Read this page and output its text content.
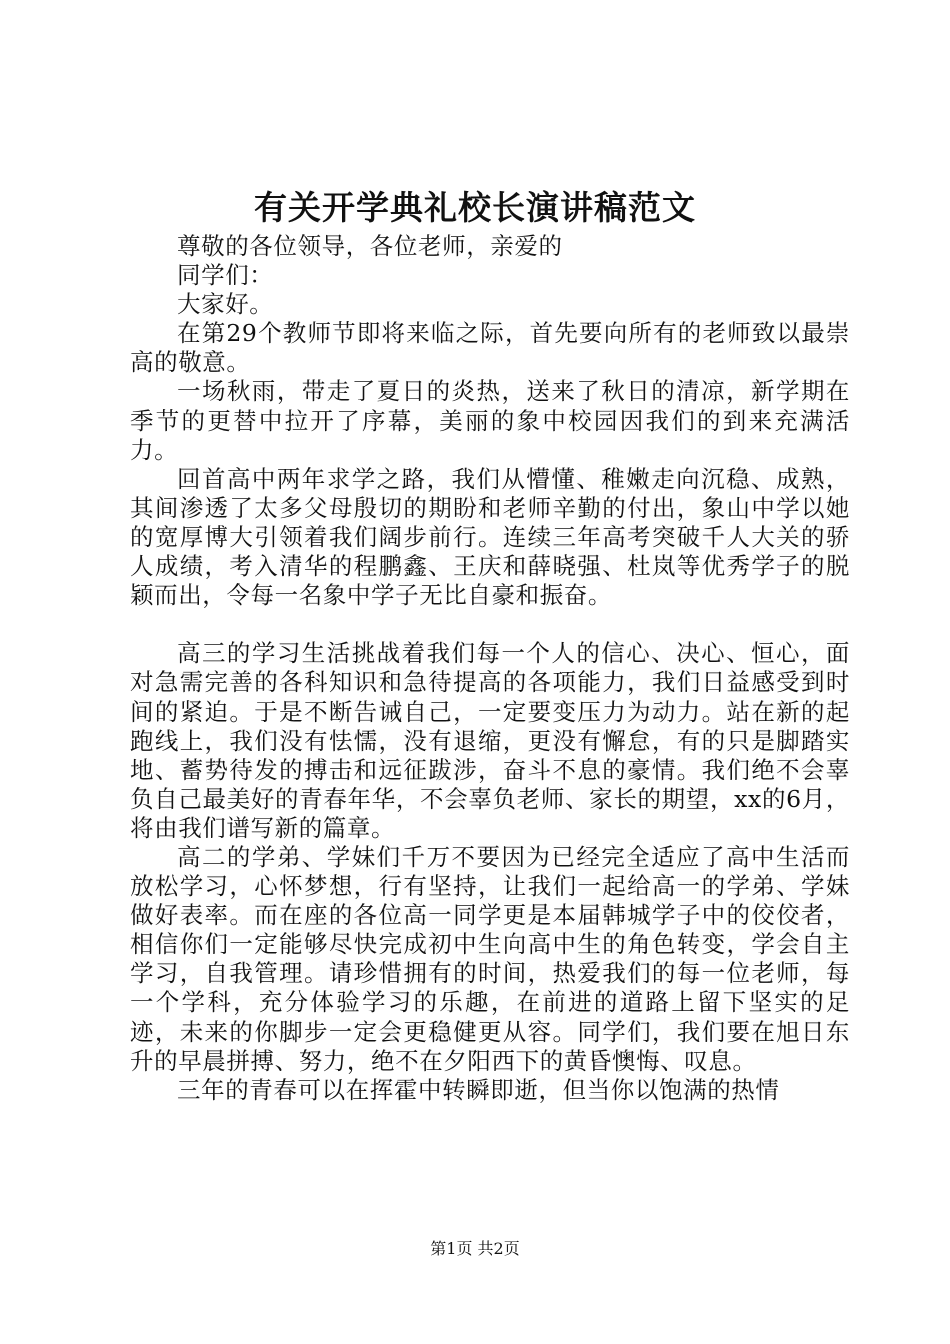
有关开学典礼校长演讲稿范文

尊敬的各位领导，各位老师，亲爱的

同学们：

大家好。

在第29个教师节即将来临之际，首先要向所有的老师致以最崇高的敬意。

一场秋雨，带走了夏日的炎热，送来了秋日的清凉，新学期在季节的更替中拉开了序幕，美丽的象中校园因我们的到来充满活力。

回首高中两年求学之路，我们从懵懂、稚嫩走向沉稳、成熟，其间渗透了太多父母殷切的期盼和老师辛勤的付出，象山中学以她的宽厚博大引领着我们阔步前行。连续三年高考突破千人大关的骄人成绩，考入清华的程鹏鑫、王庆和薛晓强、杜岚等优秀学子的脱颖而出，令每一名象中学子无比自豪和振奋。

高三的学习生活挑战着我们每一个人的信心、决心、恒心，面对急需完善的各科知识和急待提高的各项能力，我们日益感受到时间的紧迫。于是不断告诫自己，一定要变压力为动力。站在新的起跑线上，我们没有怯懦，没有退缩，更没有懈怠，有的只是脚踏实地、蓄势待发的搏击和远征跋涉，奋斗不息的豪情。我们绝不会辜负自己最美好的青春年华，不会辜负老师、家长的期望，xx的6月，将由我们谱写新的篇章。

高二的学弟、学妹们千万不要因为已经完全适应了高中生活而放松学习，心怀梦想，行有坚持，让我们一起给高一的学弟、学妹做好表率。而在座的各位高一同学更是本届韩城学子中的佼佼者，相信你们一定能够尽快完成初中生向高中生的角色转变，学会自主学习，自我管理。请珍惜拥有的时间，热爱我们的每一位老师，每一个学科，充分体验学习的乐趣，在前进的道路上留下坚实的足迹，未来的你脚步一定会更稳健更从容。同学们，我们要在旭日东升的早晨拼搏、努力，绝不在夕阳西下的黄昏懊悔、叹息。

三年的青春可以在挥霍中转瞬即逝，但当你以饱满的热情

第1页 共2页
